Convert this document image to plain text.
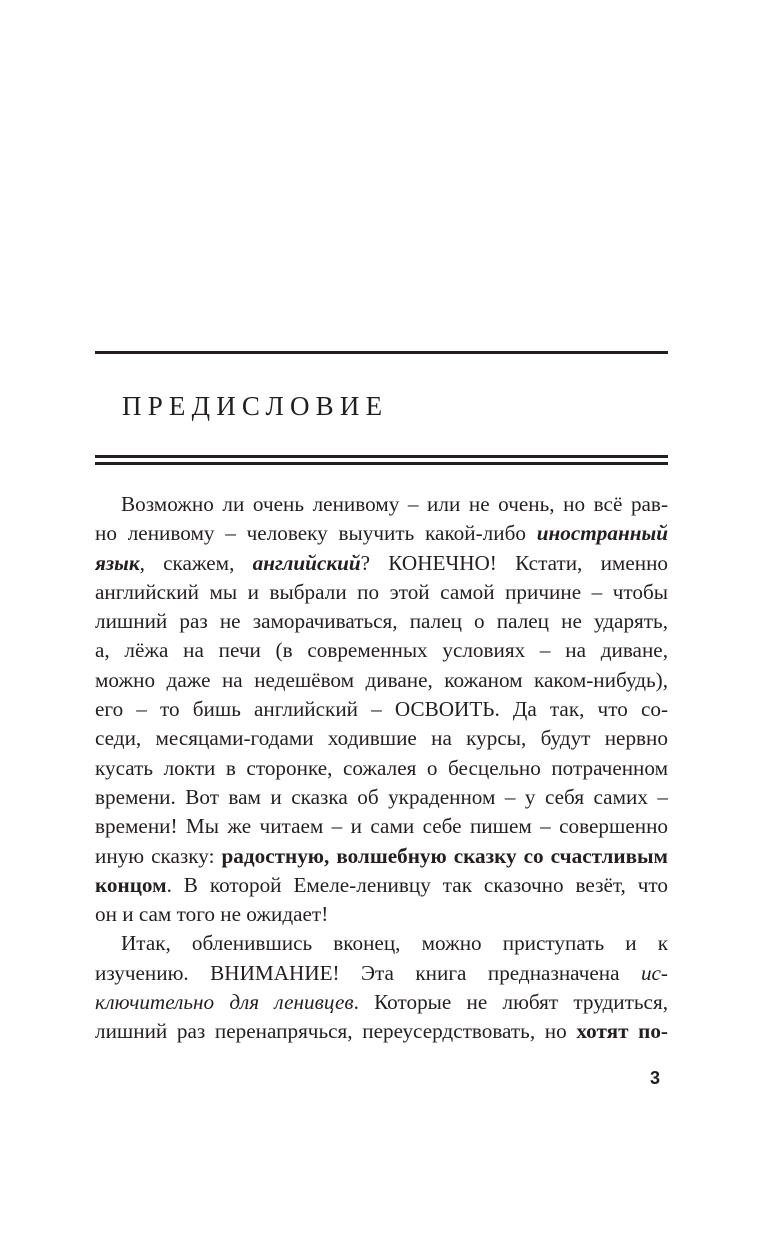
ПРЕДИСЛОВИЕ
Возможно ли очень ленивому – или не очень, но всё рав-
но ленивому – человеку выучить какой-либо иностранный
язык, скажем, английский? КОНЕЧНО! Кстати, именно
английский мы и выбрали по этой самой причине – чтобы
лишний раз не заморачиваться, палец о палец не ударять,
а, лёжа на печи (в современных условиях – на диване,
можно даже на недешёвом диване, кожаном каком-нибудь),
его – то бишь английский – ОСВОИТЬ. Да так, что со-
седи, месяцами-годами ходившие на курсы, будут нервно
кусать локти в сторонке, сожалея о бесцельно потраченном
времени. Вот вам и сказка об украденном – у себя самих –
времени! Мы же читаем – и сами себе пишем – совершенно
иную сказку: радостную, волшебную сказку со счастливым
концом. В которой Емеле-ленивцу так сказочно везёт, что
он и сам того не ожидает!
Итак, обленившись вконец, можно приступать и к
изучению. ВНИМАНИЕ! Эта книга предназначена ис-
ключительно для ленивцев. Которые не любят трудиться,
лишний раз перенапрячься, переусердствовать, но хотят по-
3
